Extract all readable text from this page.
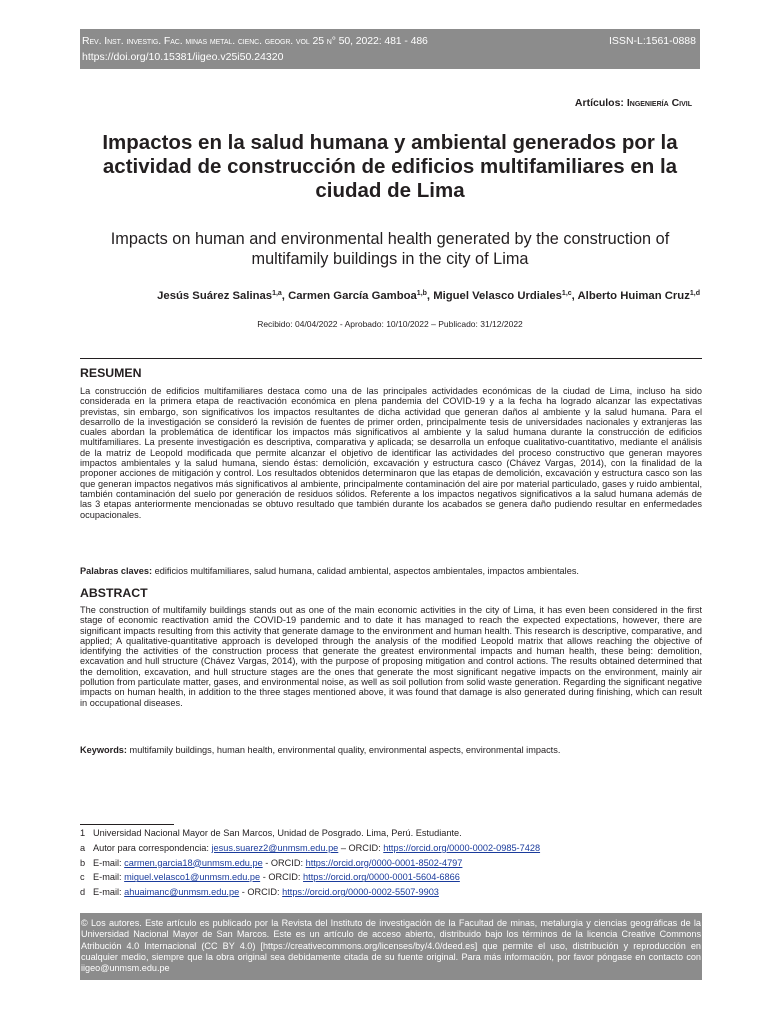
Rev. Inst. investig. Fac. minas metal. cienc. geogr. vol 25 n° 50, 2022: 481 - 486
https://doi.org/10.15381/iigeo.v25i50.24320
ISSN-L:1561-0888
Artículos: Ingeniería Civil
Impactos en la salud humana y ambiental generados por la actividad de construcción de edificios multifamiliares en la ciudad de Lima
Impacts on human and environmental health generated by the construction of multifamily buildings in the city of Lima
Jesús Suárez Salinas$^{1,a}$, Carmen García Gamboa$^{1,b}$, Miguel Velasco Urdiales$^{1,c}$, Alberto Huiman Cruz$^{1,d}$
Recibido: 04/04/2022 - Aprobado: 10/10/2022 – Publicado: 31/12/2022
RESUMEN
La construcción de edificios multifamiliares destaca como una de las principales actividades económicas de la ciudad de Lima, incluso ha sido considerada en la primera etapa de reactivación económica en plena pandemia del COVID-19 y a la fecha ha logrado alcanzar las expectativas previstas, sin embargo, son significativos los impactos resultantes de dicha actividad que generan daños al ambiente y la salud humana. Para el desarrollo de la investigación se consideró la revisión de fuentes de primer orden, principalmente tesis de universidades nacionales y extranjeras las cuales abordan la problemática de identificar los impactos más significativos al ambiente y la salud humana durante la construcción de edificios multifamiliares. La presente investigación es descriptiva, comparativa y aplicada; se desarrolla un enfoque cualitativo-cuantitativo, mediante el análisis de la matriz de Leopold modificada que permite alcanzar el objetivo de identificar las actividades del proceso constructivo que generan mayores impactos ambientales y la salud humana, siendo éstas: demolición, excavación y estructura casco (Chávez Vargas, 2014), con la finalidad de la proponer acciones de mitigación y control. Los resultados obtenidos determinaron que las etapas de demolición, excavación y estructura casco son las que generan impactos negativos más significativos al ambiente, principalmente contaminación del aire por material particulado, gases y ruido ambiental, también contaminación del suelo por generación de residuos sólidos. Referente a los impactos negativos significativos a la salud humana además de las 3 etapas anteriormente mencionadas se obtuvo resultado que también durante los acabados se genera daño pudiendo resultar en enfermedades ocupacionales.
Palabras claves: edificios multifamiliares, salud humana, calidad ambiental, aspectos ambientales, impactos ambientales.
ABSTRACT
The construction of multifamily buildings stands out as one of the main economic activities in the city of Lima, it has even been considered in the first stage of economic reactivation amid the COVID-19 pandemic and to date it has managed to reach the expected expectations, however, there are significant impacts resulting from this activity that generate damage to the environment and human health. This research is descriptive, comparative, and applied; A qualitative-quantitative approach is developed through the analysis of the modified Leopold matrix that allows reaching the objective of identifying the activities of the construction process that generate the greatest environmental impacts and human health, these being: demolition, excavation and hull structure (Chávez Vargas, 2014), with the purpose of proposing mitigation and control actions. The results obtained determined that the demolition, excavation, and hull structure stages are the ones that generate the most significant negative impacts on the environment, mainly air pollution from particulate matter, gases, and environmental noise, as well as soil pollution from solid waste generation. Regarding the significant negative impacts on human health, in addition to the three stages mentioned above, it was found that damage is also generated during finishing, which can result in occupational diseases.
Keywords: multifamily buildings, human health, environmental quality, environmental aspects, environmental impacts.
1 Universidad Nacional Mayor de San Marcos, Unidad de Posgrado. Lima, Perú. Estudiante.
a Autor para correspondencia:
jesus.suarez2@unmsm.edu.pe
– ORCID:
https://orcid.org/0000-0002-0985-7428
b E-mail:
carmen.garcia18@unmsm.edu.pe
- ORCID:
https://orcid.org/0000-0001-8502-4797
c E-mail:
miguel.velasco1@unmsm.edu.pe
- ORCID:
https://orcid.org/0000-0001-5604-6866
d E-mail:
ahuaimanc@unmsm.edu.pe
- ORCID:
https://orcid.org/0000-0002-5507-9903
© Los autores. Este artículo es publicado por la Revista del Instituto de investigación de la Facultad de minas, metalurgia y ciencias geográficas de la Universidad Nacional Mayor de San Marcos. Este es un artículo de acceso abierto, distribuido bajo los términos de la licencia Creative Commons Atribución 4.0 Internacional (CC BY 4.0) [https://creativecommons.org/licenses/by/4.0/deed.es] que permite el uso, distribución y reproducción en cualquier medio, siempre que la obra original sea debidamente citada de su fuente original. Para más información, por favor póngase en contacto con iigeo@unmsm.edu.pe
